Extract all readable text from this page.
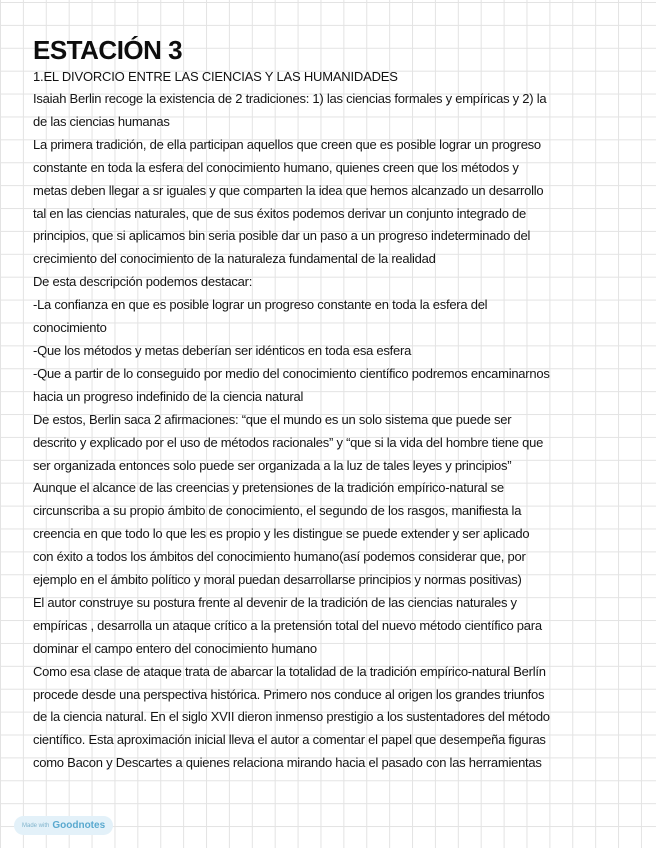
ESTACIÓN 3

1.EL DIVORCIO ENTRE LAS CIENCIAS Y LAS HUMANIDADES

Isaiah Berlin recoge la existencia de 2 tradiciones: 1) las ciencias formales y empíricas y 2) la

de las ciencias humanas

La primera tradición, de ella participan aquellos que creen que es posible lograr un progreso

constante en toda la esfera del conocimiento humano, quienes creen que los métodos y

metas deben llegar a sr iguales y que comparten la idea que hemos alcanzado un desarrollo

tal en las ciencias naturales, que de sus éxitos podemos derivar un conjunto integrado de

principios, que si aplicamos bin seria posible dar un paso a un progreso indeterminado del

crecimiento del conocimiento de la naturaleza fundamental de la realidad

De esta descripción podemos destacar:

-La confianza en que es posible lograr un progreso constante en toda la esfera del

conocimiento

-Que los métodos y metas deberían ser idénticos en toda esa esfera

-Que a partir de lo conseguido por medio del conocimiento científico podremos encaminarnos

hacia un progreso indefinido de la ciencia natural

De estos, Berlin saca 2 afirmaciones: “que el mundo es un solo sistema que puede ser

descrito y explicado por el uso de métodos racionales” y “que si la vida del hombre tiene que

ser organizada entonces solo puede ser organizada a la luz de tales leyes y principios”

Aunque el alcance de las creencias y pretensiones de la tradición empírico-natural se

circunscriba a su propio ámbito de conocimiento, el segundo de los rasgos, manifiesta la

creencia en que todo lo que les es propio y les distingue se puede extender y ser aplicado

con éxito a todos los ámbitos del conocimiento humano(así podemos considerar que, por

ejemplo en el ámbito político y moral puedan desarrollarse principios y normas positivas)

El autor construye su postura frente al devenir de la tradición de las ciencias naturales y

empíricas , desarrolla un ataque crítico a la pretensión total del nuevo método científico para

dominar el campo entero del conocimiento humano

Como esa clase de ataque trata de abarcar la totalidad de la tradición empírico-natural Berlín

procede desde una perspectiva histórica. Primero nos conduce al origen los grandes triunfos

de la ciencia natural. En el siglo XVII dieron inmenso prestigio a los sustentadores del método

científico. Esta aproximación inicial lleva el autor a comentar el papel que desempeña figuras

como Bacon y Descartes a quienes relaciona mirando hacia el pasado con las herramientas

Made with Goodnotes
